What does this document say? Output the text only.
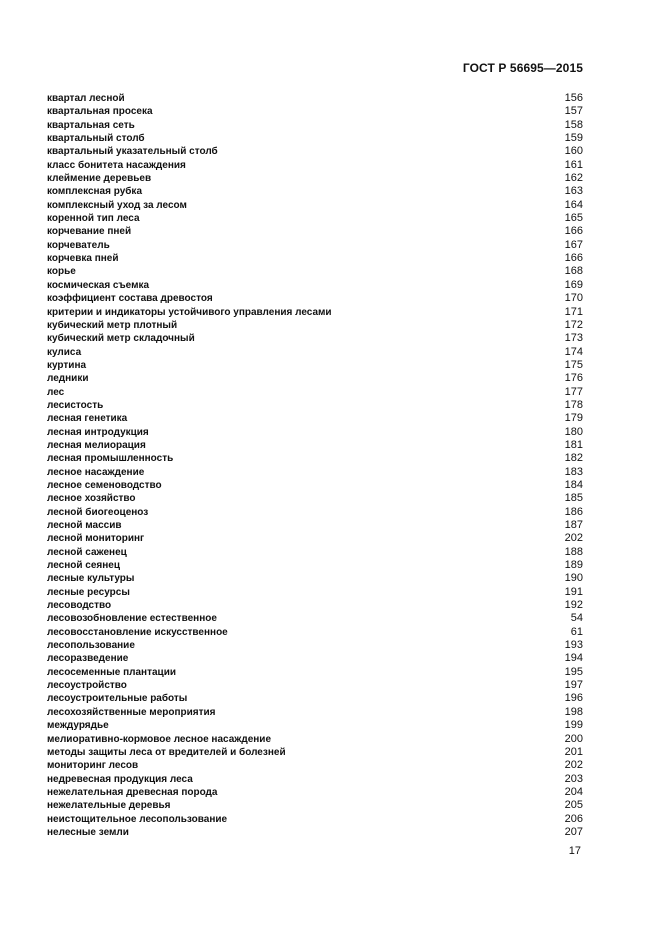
ГОСТ Р 56695—2015
квартал лесной	156
квартальная просека	157
квартальная сеть	158
квартальный столб	159
квартальный указательный столб	160
класс бонитета насаждения	161
клеймение деревьев	162
комплексная рубка	163
комплексный уход за лесом	164
коренной тип леса	165
корчевание пней	166
корчеватель	167
корчевка пней	166
корье	168
космическая съемка	169
коэффициент состава древостоя	170
критерии и индикаторы устойчивого управления лесами	171
кубический метр плотный	172
кубический метр складочный	173
кулиса	174
куртина	175
ледники	176
лес	177
лесистость	178
лесная генетика	179
лесная интродукция	180
лесная мелиорация	181
лесная промышленность	182
лесное насаждение	183
лесное семеноводство	184
лесное хозяйство	185
лесной биогеоценоз	186
лесной массив	187
лесной мониторинг	202
лесной саженец	188
лесной сеянец	189
лесные культуры	190
лесные ресурсы	191
лесоводство	192
лесовозобновление естественное	54
лесовосстановление искусственное	61
лесопользование	193
лесоразведение	194
лесосеменные плантации	195
лесоустройство	197
лесоустроительные работы	196
лесохозяйственные мероприятия	198
междурядье	199
мелиоративно-кормовое лесное насаждение	200
методы защиты леса от вредителей и болезней	201
мониторинг лесов	202
недревесная продукция леса	203
нежелательная древесная порода	204
нежелательные деревья	205
неистощительное лесопользование	206
нелесные земли	207
17
